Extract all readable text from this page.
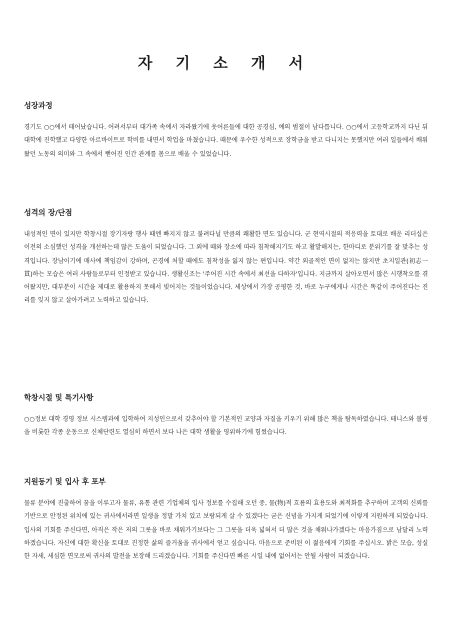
자 기 소 개 서
성장과정

경기도 ○○에서 태어났습니다. 어려서부터 대가족 속에서 자라왔기에 웃어른들에 대한 공경심, 예의 범절이 남다릅니다. ○○에서 고등학교까지 다닌 뒤 대학에 진학했고 다양한 아르바이트로 학비를 내면서 학업을 마쳤습니다. 때문에 우수한 성적으로 장학금을 받고 다니지는 못했지만 여러 일들에서 배워왔던 노동의 의미와 그 속에서 뻗어진 인간 관계를 몸으로 배울 수 있었습니다.

성격의 장/단점

내성적인 면이 있지만 학창시절 장기자랑 행사 때엔 빠지지 않고 불려다닐 만큼의 쾌활한 면도 있습니다. 군 현역시절의 적응력을 토대로 배운 리더십은 이전의 소심했던 성격을 개선하는데 많은 도움이 되었습니다. 그 외에 때와 장소에 따라 침착해지기도 하고 활발해지는, 한마디로 분위기를 잘 맞추는 성격입니다. 장남이기에 매사에 책임감이 강하며, 곤경에 처할 때에도 침착성을 잃지 않는 편입니다. 약간 외골적인 면이 없지는 않지만 초지일관(初志一貫)하는 모습은 여러 사람들로부터 인정받고 있습니다. 생활신조는 '주어진 시간 속에서 최선을 다하자'입니다. 지금까지 살아오면서 많은 시행착오를 겪어왔지만, 대부분이 시간을 제대로 활용하지 못해서 빚어지는 것들이었습니다. 세상에서 가장 공평한 것, 바로 누구에게나 시간은 똑같이 주어진다는 진리를 잊지 않고 살아가려고 노력하고 있습니다.

학창시절 및 특기사항

○○정보 대학 경영 정보 시스템과에 입학하여 지성인으로서 갖추어야 할 기본적인 교양과 자질을 키우기 위해 많은 책을 탐독하였습니다. 테니스와 볼링을 비롯한 각종 운동으로 신체단련도 열심히 하면서 보다 나은 대학 생활을 영위하기에 힘썼습니다.

지원동기 및 입사 후 포부

물류 분야에 진출하여 꿈을 이루고자 물류, 유통 관련 기업체의 입사 정보를 수집해 오던 중, 물(物)적 흐름의 효용도와 최적화를 추구하며 고객의 신뢰를 기반으로 안정된 위치에 있는 귀사에서라면 일생을 정말 가치 있고 보람되게 살 수 있겠다는 굳은 신념을 가지게 되었기에 이렇게 지원하게 되었습니다. 입사의 기회를 주신다면, 아직은 작은 저의 그릇을 바로 채워가기보다는 그 그릇을 더욱 넓혀서 더 많은 것을 채워나가겠다는 마음가짐으로 남달리 노력하겠습니다. 자신에 대한 확신을 토대로 진정한 삶의 즐거움을 귀사에서 얻고 싶습니다. 마음으로 준비된 이 젊음에게 기회를 주십시오. 밝은 모습, 성실한 자세, 세심한 면모로써 귀사의 발전을 보장해 드리겠습니다. 기회를 주신다면 빠른 시일 내에 없어서는 안될 사람이 되겠습니다.
